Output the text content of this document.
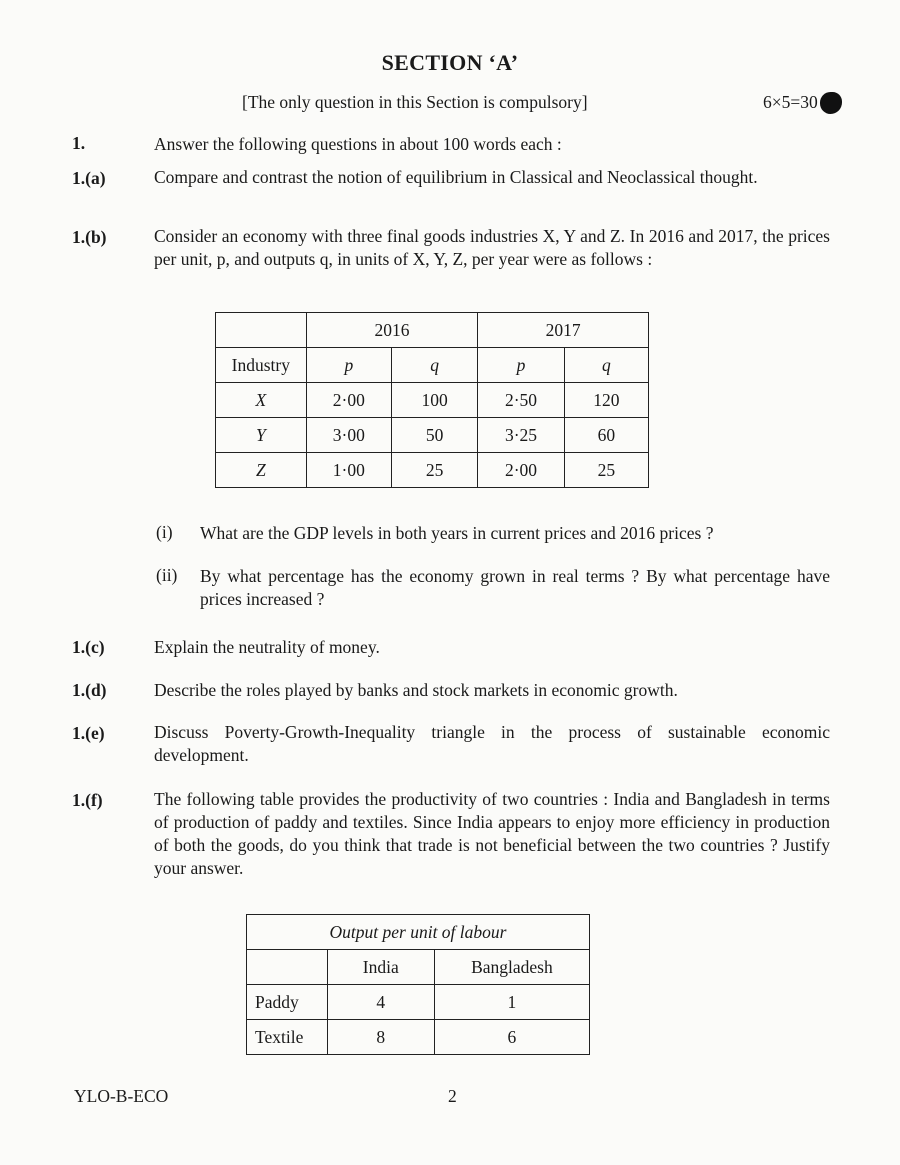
SECTION ‘A’
[The only question in this Section is compulsory]	6×5=30
1.	Answer the following questions in about 100 words each :
1.(a)	Compare and contrast the notion of equilibrium in Classical and Neoclassical thought.
1.(b)	Consider an economy with three final goods industries X, Y and Z. In 2016 and 2017, the prices per unit, p, and outputs q, in units of X, Y, Z, per year were as follows :
	2016		2017	
Industry	p	q	p	q
X	2·00	100	2·50	120
Y	3·00	50	3·25	60
Z	1·00	25	2·00	25
(i) What are the GDP levels in both years in current prices and 2016 prices ?
(ii) By what percentage has the economy grown in real terms ? By what percentage have prices increased ?
1.(c)	Explain the neutrality of money.
1.(d)	Describe the roles played by banks and stock markets in economic growth.
1.(e)	Discuss Poverty-Growth-Inequality triangle in the process of sustainable economic development.
1.(f)	The following table provides the productivity of two countries : India and Bangladesh in terms of production of paddy and textiles. Since India appears to enjoy more efficiency in production of both the goods, do you think that trade is not beneficial between the two countries ? Justify your answer.
Output per unit of labour		
	India	Bangladesh
Paddy	4	1
Textile	8	6
YLO-B-ECO	2
